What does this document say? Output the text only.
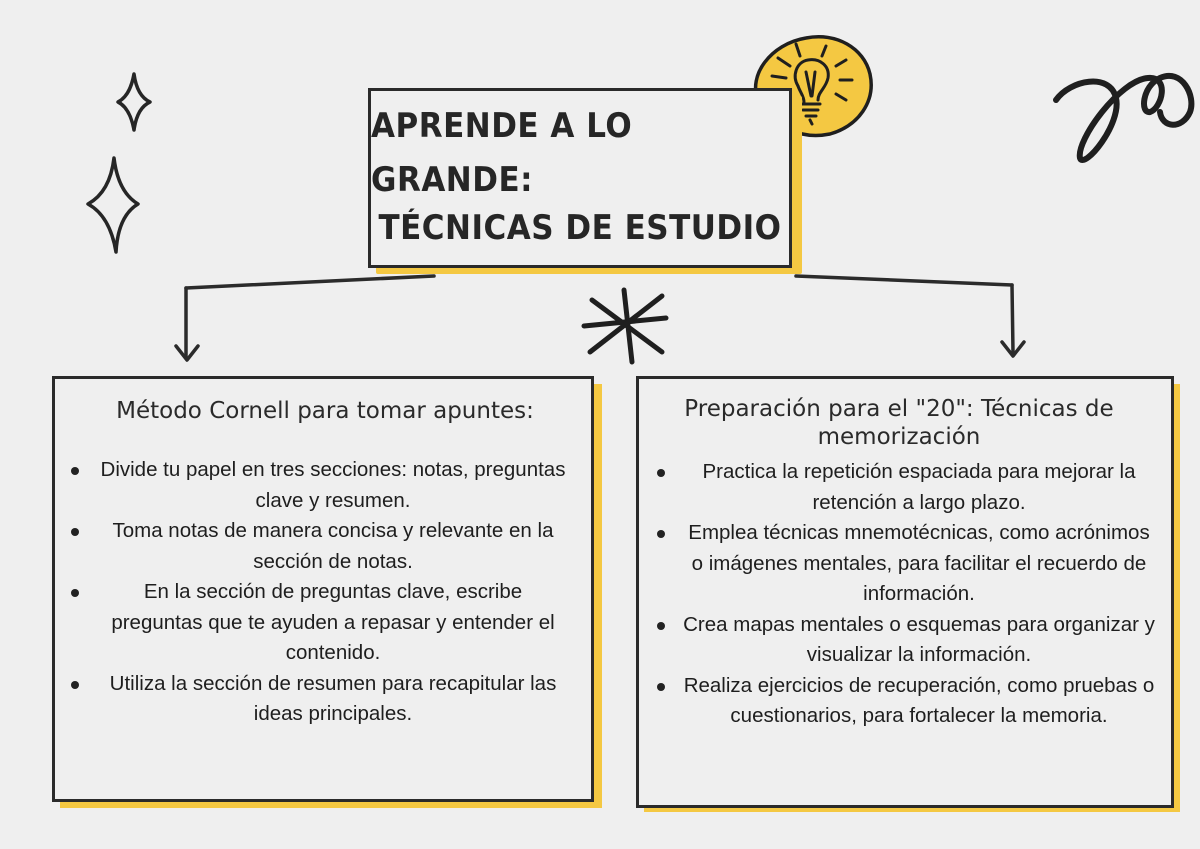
APRENDE A LO GRANDE:
TÉCNICAS DE ESTUDIO
Método Cornell para tomar apuntes:
Divide tu papel en tres secciones: notas, preguntas clave y resumen.
Toma notas de manera concisa y relevante en la sección de notas.
En la sección de preguntas clave, escribe preguntas que te ayuden a repasar y entender el contenido.
Utiliza la sección de resumen para recapitular las ideas principales.
Preparación para el "20": Técnicas de
memorización
Practica la repetición espaciada para mejorar la retención a largo plazo.
Emplea técnicas mnemotécnicas, como acrónimos o imágenes mentales, para facilitar el recuerdo de información.
Crea mapas mentales o esquemas para organizar y visualizar la información.
Realiza ejercicios de recuperación, como pruebas o cuestionarios, para fortalecer la memoria.
